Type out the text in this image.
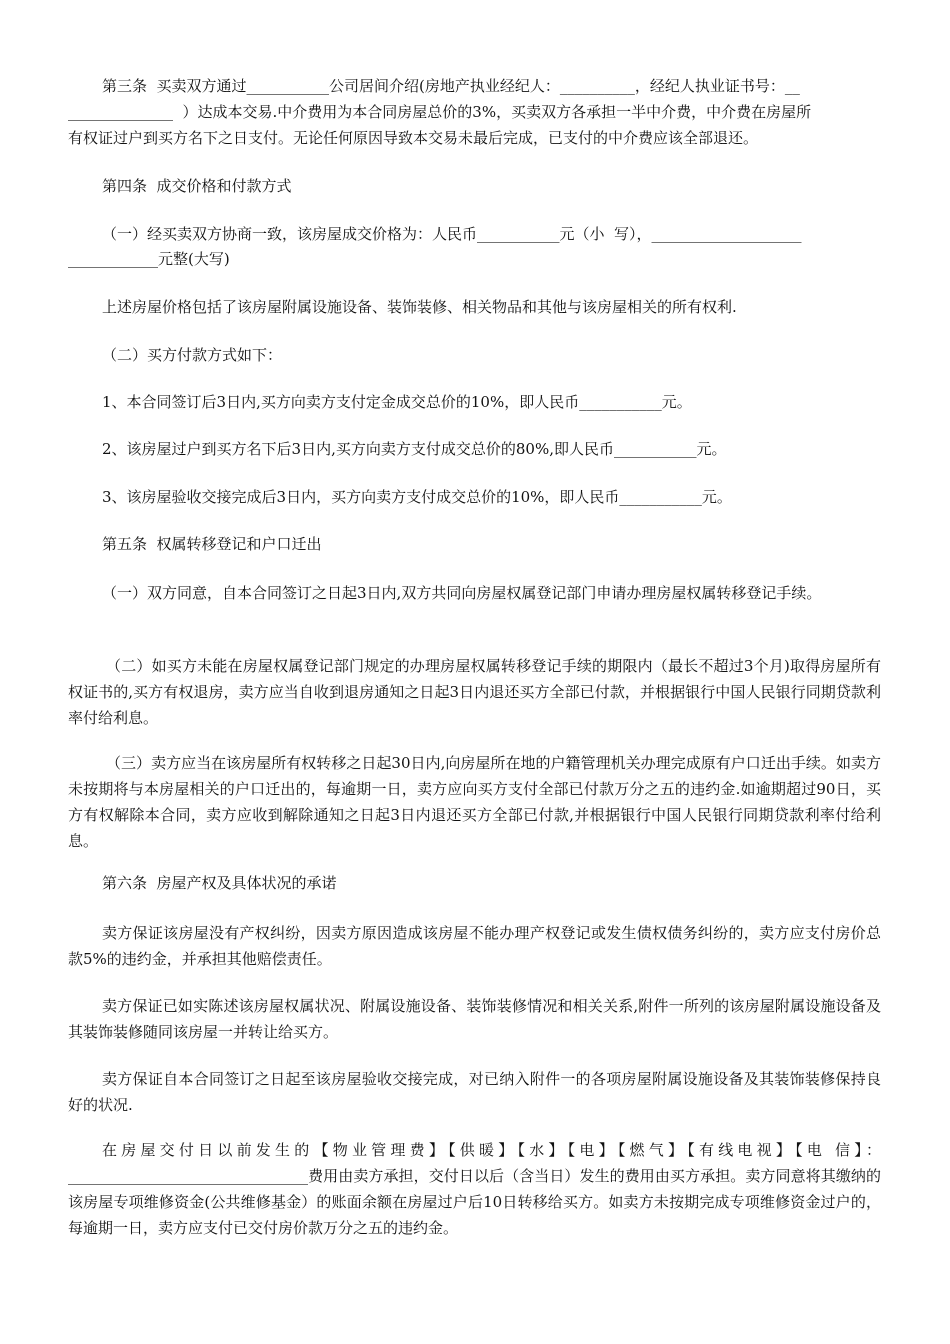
第三条  买卖双方通过___________公司居间介绍(房地产执业经纪人：__________，经纪人执业证书号：__
______________  ）达成本交易.中介费用为本合同房屋总价的3%，买卖双方各承担一半中介费，中介费在房屋所
有权证过户到买方名下之日支付。无论任何原因导致本交易未最后完成，已支付的中介费应该全部退还。
第四条  成交价格和付款方式
（一）经买卖双方协商一致，该房屋成交价格为：人民币___________元（小  写），____________________
____________元整(大写)
上述房屋价格包括了该房屋附属设施设备、装饰装修、相关物品和其他与该房屋相关的所有权利.
（二）买方付款方式如下：
1、本合同签订后3日内,买方向卖方支付定金成交总价的10%，即人民币___________元。
2、该房屋过户到买方名下后3日内,买方向卖方支付成交总价的80%,即人民币___________元。
3、该房屋验收交接完成后3日内，买方向卖方支付成交总价的10%，即人民币___________元。
第五条  权属转移登记和户口迁出
（一）双方同意，自本合同签订之日起3日内,双方共同向房屋权属登记部门申请办理房屋权属转移登记手续。
（二）如买方未能在房屋权属登记部门规定的办理房屋权属转移登记手续的期限内（最长不超过3个月)取得房屋所有权证书的,买方有权退房，卖方应当自收到退房通知之日起3日内退还买方全部已付款，并根据银行中国人民银行同期贷款利率付给利息。
（三）卖方应当在该房屋所有权转移之日起30日内,向房屋所在地的户籍管理机关办理完成原有户口迁出手续。如卖方未按期将与本房屋相关的户口迁出的，每逾期一日，卖方应向买方支付全部已付款万分之五的违约金.如逾期超过90日，买方有权解除本合同，卖方应收到解除通知之日起3日内退还买方全部已付款,并根据银行中国人民银行同期贷款利率付给利息。
第六条  房屋产权及具体状况的承诺
卖方保证该房屋没有产权纠纷，因卖方原因造成该房屋不能办理产权登记或发生债权债务纠纷的，卖方应支付房价总款5%的违约金，并承担其他赔偿责任。
卖方保证已如实陈述该房屋权属状况、附属设施设备、装饰装修情况和相关关系,附件一所列的该房屋附属设施设备及其装饰装修随同该房屋一并转让给买方。
卖方保证自本合同签订之日起至该房屋验收交接完成，对已纳入附件一的各项房屋附属设施设备及其装饰装修保持良好的状况.
在房屋交付日以前发生的【物业管理费】【供暖】【水】【电】【燃气】【有线电视】【电 信】：________________________________费用由卖方承担，交付日以后（含当日）发生的费用由买方承担。卖方同意将其缴纳的该房屋专项维修资金(公共维修基金）的账面余额在房屋过户后10日转移给买方。如卖方未按期完成专项维修资金过户的，每逾期一日，卖方应支付已交付房价款万分之五的违约金。
